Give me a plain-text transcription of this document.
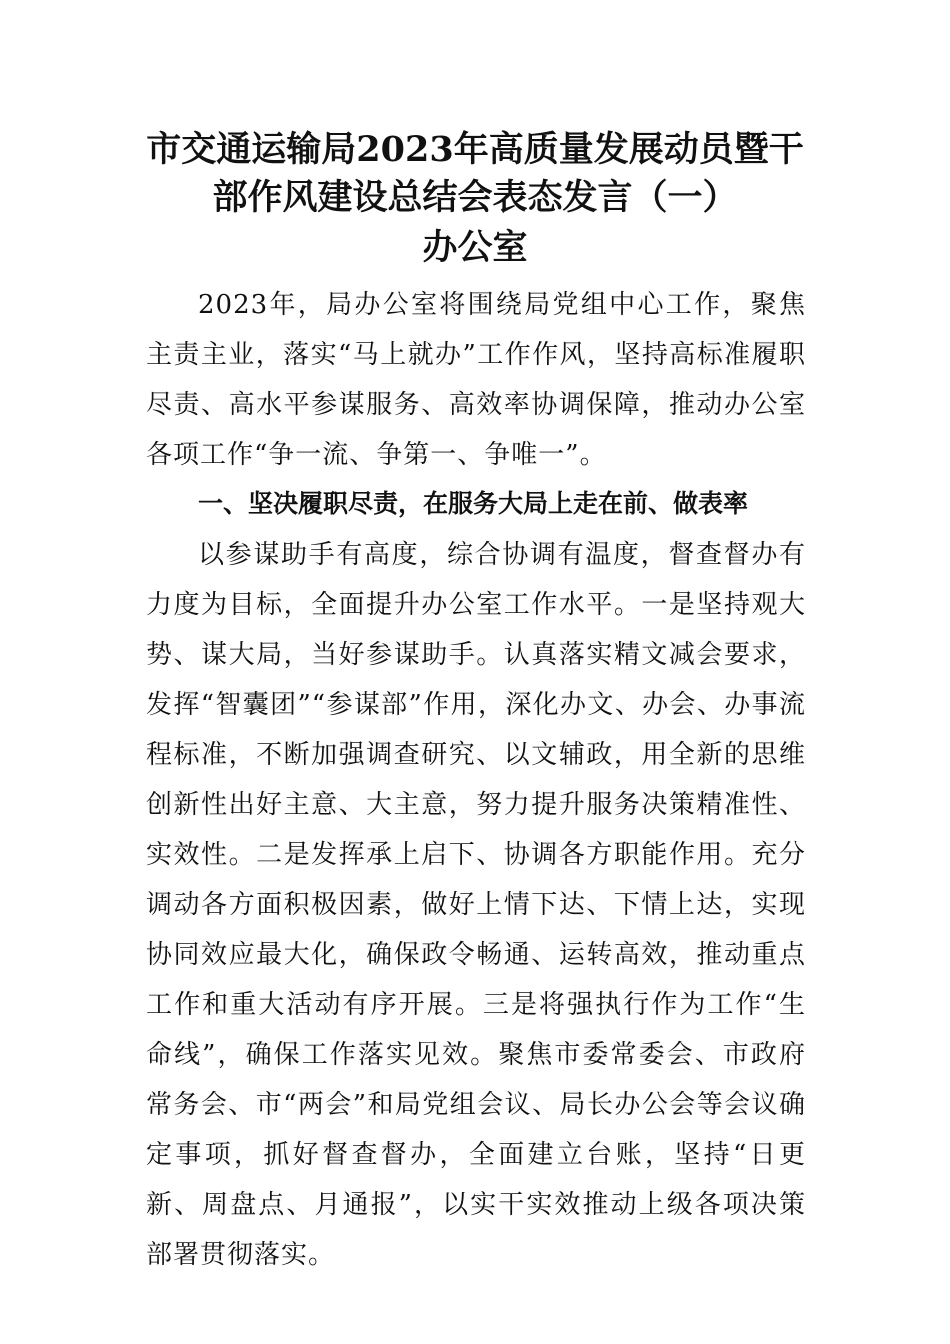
市交通运输局2023年高质量发展动员暨干
部作风建设总结会表态发言（一）
办公室
2023年，局办公室将围绕局党组中心工作，聚焦主责主业，落实“马上就办”工作作风，坚持高标准履职尽责、高水平参谋服务、高效率协调保障，推动办公室各项工作“争一流、争第一、争唯一”。
一、坚决履职尽责，在服务大局上走在前、做表率
以参谋助手有高度，综合协调有温度，督查督办有力度为目标，全面提升办公室工作水平。一是坚持观大势、谋大局，当好参谋助手。认真落实精文减会要求，发挥“智囊团”“参谋部”作用，深化办文、办会、办事流程标准，不断加强调查研究、以文辅政，用全新的思维创新性出好主意、大主意，努力提升服务决策精准性、实效性。二是发挥承上启下、协调各方职能作用。充分调动各方面积极因素，做好上情下达、下情上达，实现协同效应最大化，确保政令畅通、运转高效，推动重点工作和重大活动有序开展。三是将强执行作为工作“生命线”，确保工作落实见效。聚焦市委常委会、市政府常务会、市“两会”和局党组会议、局长办公会等会议确定事项，抓好督查督办，全面建立台账，坚持“日更新、周盘点、月通报”，以实干实效推动上级各项决策部署贯彻落实。
